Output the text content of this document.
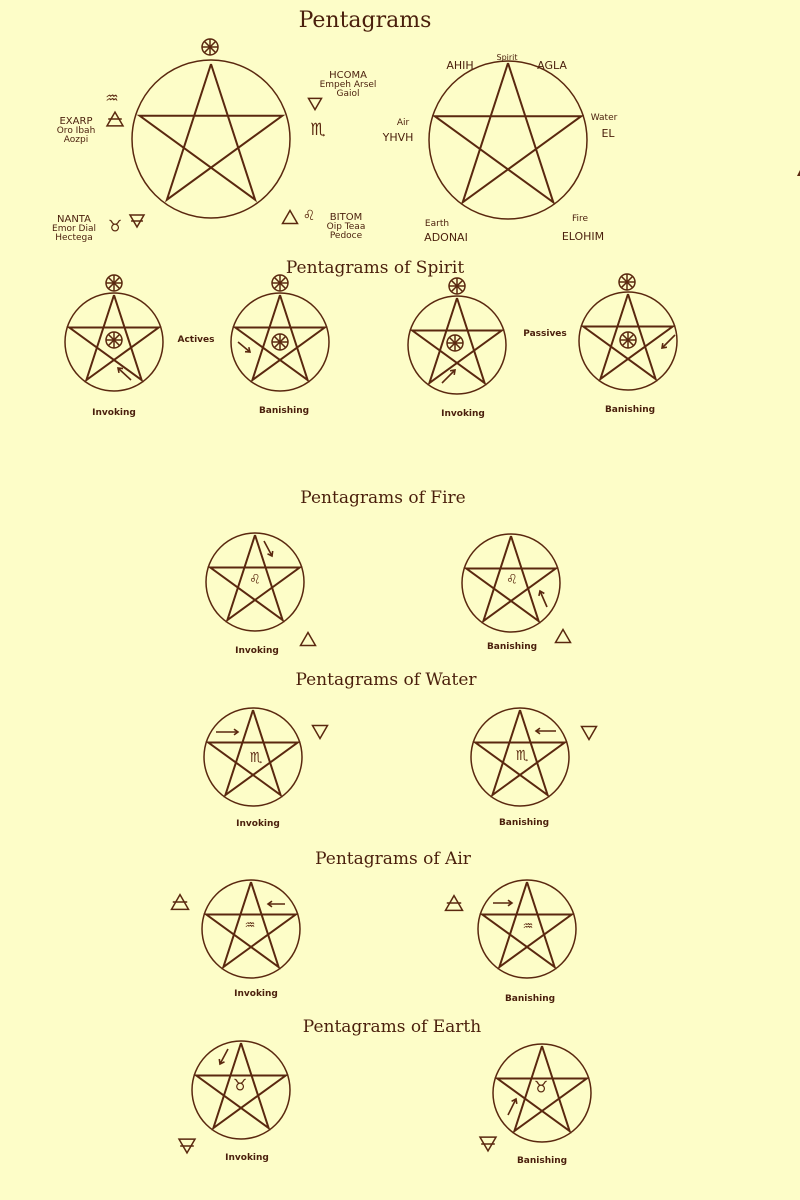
♏
♒
♉
♌
♌	♌
♏	♏
♒	♒
♉	♉
Pentagrams
HCOMA
Empeh Arsel
Gaiol
EXARP
Oro Ibah
Aozpi
NANTA
Emor Dial
Hectega
BITOM
Oip Teaa
Pedoce
Spirit
AHIH	AGLA
Air
YHVH
Water
EL
Earth
ADONAI
Fire
ELOHIM
Pentagrams of Spirit
Actives
Passives
Invoking	Banishing	Invoking	Banishing
Pentagrams of Fire
Invoking	Banishing
Pentagrams of Water
Invoking	Banishing
Pentagrams of Air
Invoking	Banishing
Pentagrams of Earth
Invoking	Banishing
